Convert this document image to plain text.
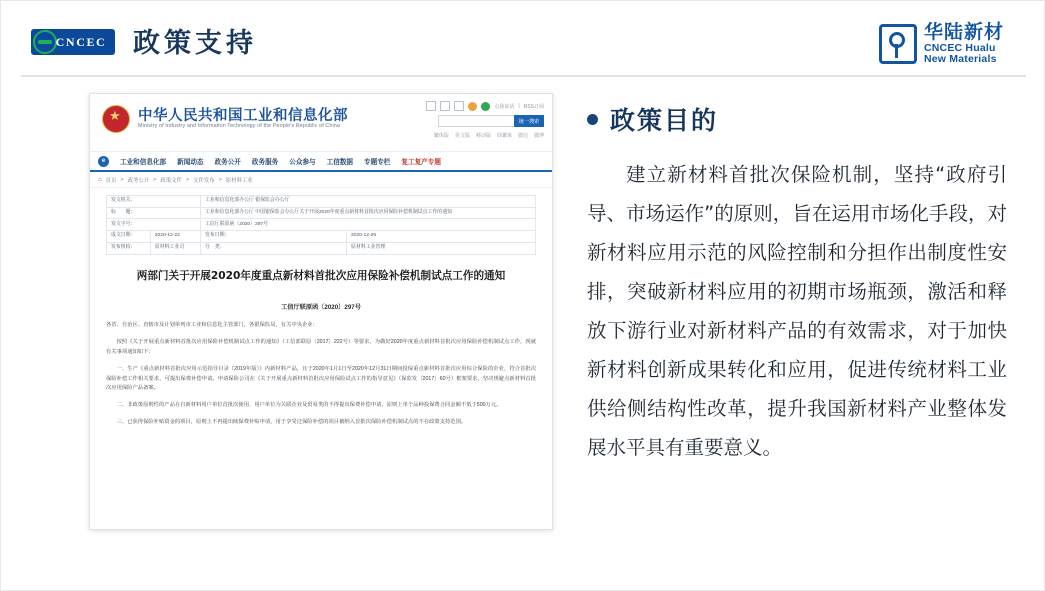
CNCEC 政策支持	华陆新材
CNCEC Hualu
New Materials
★
中华人民共和国工业和信息化部
Ministry of Industry and Information Technology of the People's Republic of China
点我说话 | RSS订阅
统一搜索
繁体版 英文版 移动版 简繁体 微信 微博
e	工业和信息化部 新闻动态 政务公开 政务服务 公众参与 工信数据 专题专栏 复工复产专题
⌂ 首页 > 政务公开 > 政策文件 > 文件发布 > 原材料工业
发文机关：		工业和信息化部办公厅 银保监会办公厅	
标　　题：		工业和信息化部办公厅 中国银保监会办公厅关于开展2020年度重点新材料首批次应用保险补偿机制试点工作的通知	
发文字号：		工信厅联原函〔2020〕297号	
成文日期：	2020-12-22	发布日期：	2020-12-25
发布机构：	原材料工业司	分　类：	原材料工业管理
两部门关于开展2020年度重点新材料首批次应用保险补偿机制试点工作的通知
工信厅联原函〔2020〕297号

各省、自治区、直辖市及计划单列市工业和信息化主管部门，各银保监局，有关中央企业：

按照《关于开展重点新材料首批次应用保险补偿机制试点工作的通知》（工信部联原〔2017〕222号）等要求，为做好2020年度重点新材料首批次应用保险补偿机制试点工作，现就有关事项通知如下：

一、生产《重点新材料首批次应用示范指导目录（2019年版）》内新材料产品，且于2020年1月1日至2020年12月31日期间投保重点新材料首批次应用综合保险的企业，符合首批次保险补偿工作相关要求，可提出保费补偿申请。申请保险公司在《关于开展重点新材料首批次应用保险试点工作的指导意见》（保监发〔2017〕60号）框架要求，坚决规避点新材料首批次应用保险产品备案。

二、非政策原则性的产品在自新材料用户单位首批次使用，用户单位为关联企业及贸易类的不得提出保费补偿申请，原则上单个品种投保费合同金额不低于500万元。

三、已获得保险补贴资金的项目，原则上不再提出续保费补贴申请，用于享受过保险补偿的项目被纳入首批次保险补偿机制试点的不在政策支持范围。

政策目的
建立新材料首批次保险机制，坚持“政府引导、市场运作”的原则，旨在运用市场化手段，对新材料应用示范的风险控制和分担作出制度性安排，突破新材料应用的初期市场瓶颈，激活和释放下游行业对新材料产品的有效需求，对于加快新材料创新成果转化和应用，促进传统材料工业供给侧结构性改革，提升我国新材料产业整体发展水平具有重要意义。
